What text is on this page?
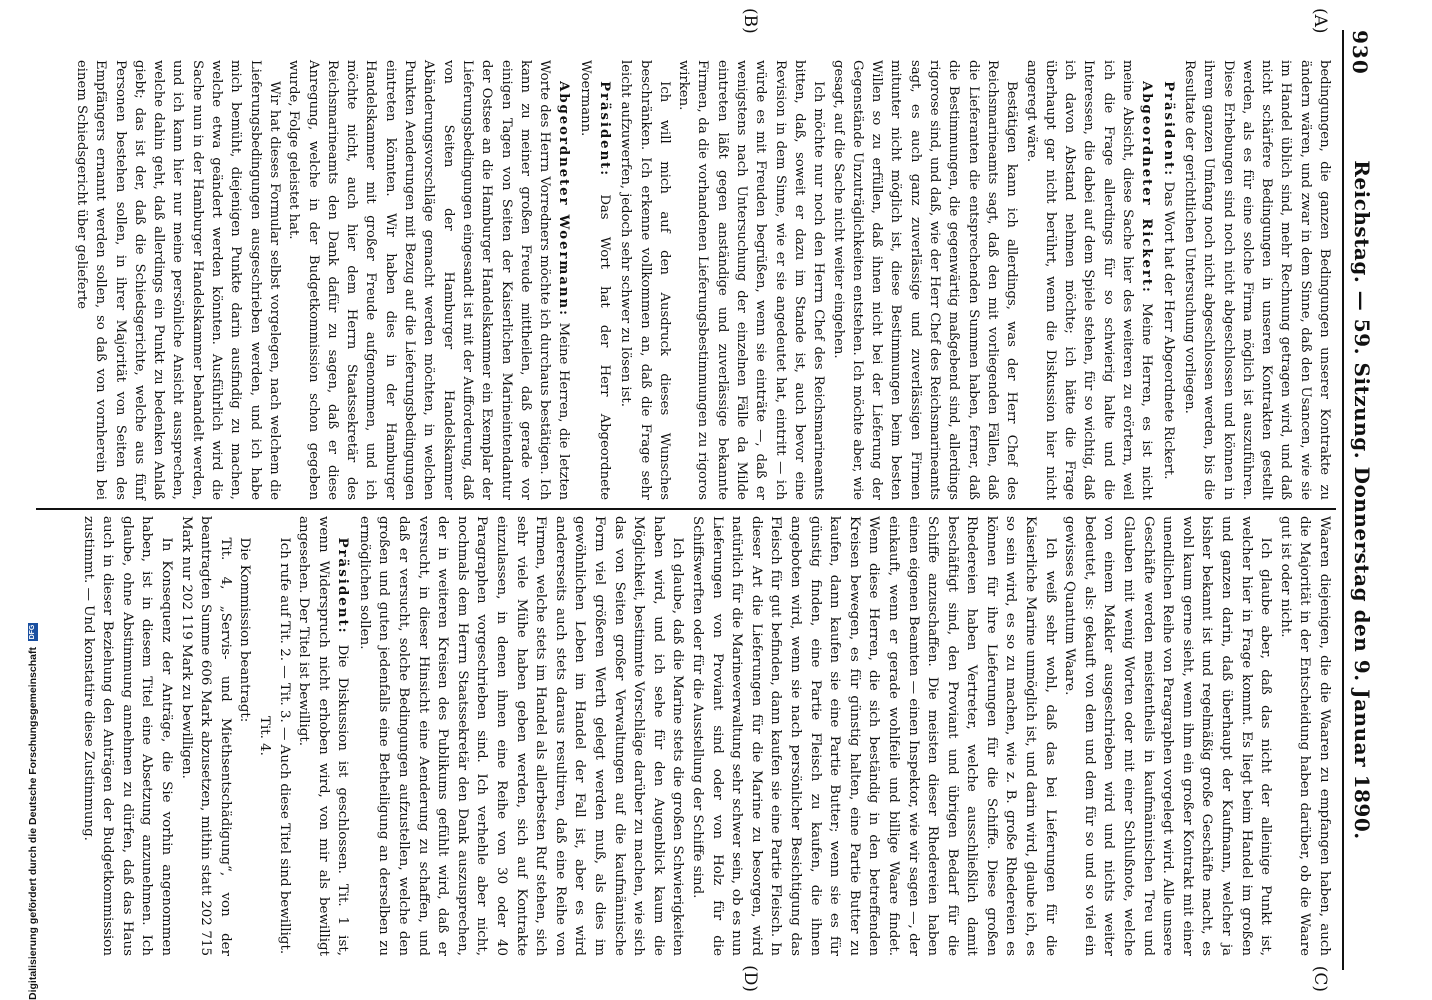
930
Reichstag. — 59. Sitzung. Donnerstag den 9. Januar 1890.
(A)
(B)
(C)
(D)

bedingungen, die ganzen Bedingungen unserer Kontrakte zu ändern wären, und zwar in dem Sinne, daß den Usancen, wie sie im Handel üblich sind, mehr Rechnung getragen wird, und daß nicht schärfere Bedingungen in unseren Kontrakten gestellt werden, als es für eine solche Firma möglich ist auszuführen. Diese Erhebungen sind noch nicht abgeschlossen und können in ihrem ganzen Umfang noch nicht abgeschlossen werden, bis die Resultate der gerichtlichen Untersuchung vorliegen.

Präsident: Das Wort hat der Herr Abgeordnete Rickert.

Abgeordneter Rickert: Meine Herren, es ist nicht meine Absicht, diese Sache hier des weiteren zu erörtern, weil ich die Frage allerdings für so schwierig halte und die Interessen, die dabei auf dem Spiele stehen, für so wichtig, daß ich davon Abstand nehmen möchte; ich hätte die Frage überhaupt gar nicht berührt, wenn die Diskussion hier nicht angeregt wäre.

Bestätigen kann ich allerdings, was der Herr Chef des Reichsmarineamts sagt, daß den mit vorliegenden Fällen, daß die Lieferanten die entsprechenden Summen haben, ferner, daß die Bestimmungen, die gegenwärtig maßgebend sind, allerdings rigorose sind, und daß, wie der Herr Chef des Reichsmarineamts sagt, es auch ganz zuverlässige und zuverlässigen Firmen mitunter nicht möglich ist, diese Bestimmungen beim besten Willen so zu erfüllen, daß ihnen nicht bei der Lieferung der Gegenstände Unzuträglichkeiten entstehen. Ich möchte aber, wie gesagt, auf die Sache nicht weiter eingehen.

Ich möchte nur noch den Herrn Chef des Reichsmarineamts bitten, daß, soweit er dazu im Stande ist, auch bevor eine Revision in dem Sinne, wie er sie angedeutet hat, eintritt — ich würde es mit Freuden begrüßen, wenn sie einträte —, daß er wenigstens nach Untersuchung der einzelnen Fälle da Milde eintreten läßt gegen anständige und zuverlässige bekannte Firmen, da die vorhandenen Lieferungsbestimmungen zu rigoros wirken.

Ich will mich auf den Ausdruck dieses Wunsches beschränken. Ich erkenne vollkommen an, daß die Frage sehr leicht aufzuwerfen, jedoch sehr schwer zu lösen ist.

Präsident: Das Wort hat der Herr Abgeordnete Woermann.

Abgeordneter Woermann: Meine Herren, die letzten Worte des Herrn Vorredners möchte ich durchaus bestätigen. Ich kann zu meiner großen Freude mittheilen, daß gerade vor einigen Tagen von Seiten der Kaiserlichen Marineintendantur der Ostsee an die Hamburger Handelskammer ein Exemplar der Lieferungsbedingungen eingesandt ist mit der Aufforderung, daß von Seiten der Hamburger Handelskammer Abänderungsvorschläge gemacht werden möchten, in welchen Punkten Aenderungen mit Bezug auf die Lieferungsbedingungen eintreten könnten. Wir haben dies in der Hamburger Handelskammer mit großer Freude aufgenommen, und ich möchte nicht, auch hier dem Herrn Staatssekretär des Reichsmarineamts den Dank dafür zu sagen, daß er diese Anregung, welche in der Budgetkommission schon gegeben wurde, Folge geleistet hat.

Wir hat dieses Formular selbst vorgelegen, nach welchem die Lieferungsbedingungen ausgeschrieben werden, und ich habe mich bemüht, diejenigen Punkte darin ausfindig zu machen, welche etwa geändert werden könnten. Ausführlich wird die Sache nun in der Hamburger Handelskammer behandelt werden, und ich kann hier nur meine persönliche Ansicht aussprechen, welche dahin geht, daß allerdings ein Punkt zu bedenken Anlaß giebt; das ist der, daß die Schiedsgerichte, welche aus fünf Personen bestehen sollen, in ihrer Majorität von Seiten des Empfängers ernannt werden sollen, so daß von vornherein bei einem Schiedsgericht über gelieferte

Waaren diejenigen, die die Waaren zu empfangen haben, auch die Majorität in der Entscheidung haben darüber, ob die Waare gut ist oder nicht.

Ich glaube aber, daß das nicht der alleinige Punkt ist, welcher hier in Frage kommt. Es liegt beim Handel im großen und ganzen darin, daß überhaupt der Kaufmann, welcher ja bisher bekannt ist und regelmäßig große Geschäfte macht, es wohl kaum gerne sieht, wenn ihm ein großer Kontrakt mit einer unendlichen Reihe von Paragraphen vorgelegt wird. Alle unsere Geschäfte werden meistentheils in kaufmännischen Treu und Glauben mit wenig Worten oder mit einer Schlußnote, welche von einem Makler ausgeschrieben wird und nichts weiter bedeutet, als: gekauft von dem und dem für so und so viel ein gewisses Quantum Waare.

Ich weiß sehr wohl, daß das bei Lieferungen für die Kaiserliche Marine unmöglich ist, und darin wird, glaube ich, es so sein wird, es so zu machen, wie z. B. große Rhedereien es können für ihre Lieferungen für die Schiffe. Diese großen Rhedereien haben Vertreter, welche ausschließlich damit beschäftigt sind, den Proviant und übrigen Bedarf für die Schiffe anzuschaffen. Die meisten dieser Rhedereien haben einen eigenen Beamten — einen Inspektor, wie wir sagen —, der einkauft, wenn er gerade wohlfeile und billige Waare findet. Wenn diese Herren, die sich beständig in den betreffenden Kreisen bewegen, es für günstig halten, eine Partie Butter zu kaufen, dann kaufen sie eine Partie Butter; wenn sie es für günstig finden, eine Partie Fleisch zu kaufen, die ihnen angeboten wird, wenn sie nach persönlicher Besichtigung das Fleisch für gut befinden, dann kaufen sie eine Partie Fleisch. In dieser Art die Lieferungen für die Marine zu besorgen, wird natürlich für die Marineverwaltung sehr schwer sein, ob es nun Lieferungen von Proviant sind oder von Holz für die Schiffswerften oder für die Ausstellung der Schiffe sind.

Ich glaube, daß die Marine stets die großen Schwierigkeiten haben wird, und ich sehe für den Augenblick kaum die Möglichkeit, bestimmte Vorschläge darüber zu machen, wie sich das von Seiten großer Verwaltungen auf die kaufmännische Form viel größeren Werth gelegt werden muß, als dies im gewöhnlichen Leben im Handel der Fall ist, aber es wird andererseits auch stets daraus resultiren, daß eine Reihe von Firmen, welche stets im Handel als allerbesten Ruf stehen, sich sehr viele Mühe haben geben werden, sich auf Kontrakte einzulassen, in denen ihnen eine Reihe von 30 oder 40 Paragraphen vorgeschrieben sind. Ich verhehle aber nicht, nochmals dem Herrn Staatssekretär den Dank auszusprechen, der in weiteren Kreisen des Publikums gefühlt wird, daß er versucht, in dieser Hinsicht eine Aenderung zu schaffen, und daß er versucht, solche Bedingungen aufzustellen, welche den großen und guten jedenfalls eine Betheiligung an derselben zu ermöglichen sollen.

Präsident: Die Diskussion ist geschlossen. Tit. 1 ist, wenn Widerspruch nicht erhoben wird, von mir als bewilligt angesehen. Der Titel ist bewilligt.

Ich rufe auf Tit. 2. — Tit. 3. — Auch diese Titel sind bewilligt.

Tit. 4.

Die Kommission beantragt:

Tit. 4, „Servis- und Miethsentschädigung“, von der beantragten Summe 606 Mark abzusetzen, mithin statt 202 715 Mark nur 202 119 Mark zu bewilligen.

In Konsequenz der Anträge, die Sie vorhin angenommen haben, ist in diesem Titel eine Absetzung anzunehmen. Ich glaube, ohne Abstimmung annehmen zu dürfen, daß das Haus auch in dieser Beziehung den Anträgen der Budgetkommission zustimmt. — Und konstatire diese Zustimmung.

Digitalisierung gefördert durch die Deutsche Forschungsgemeinschaft
DFG
